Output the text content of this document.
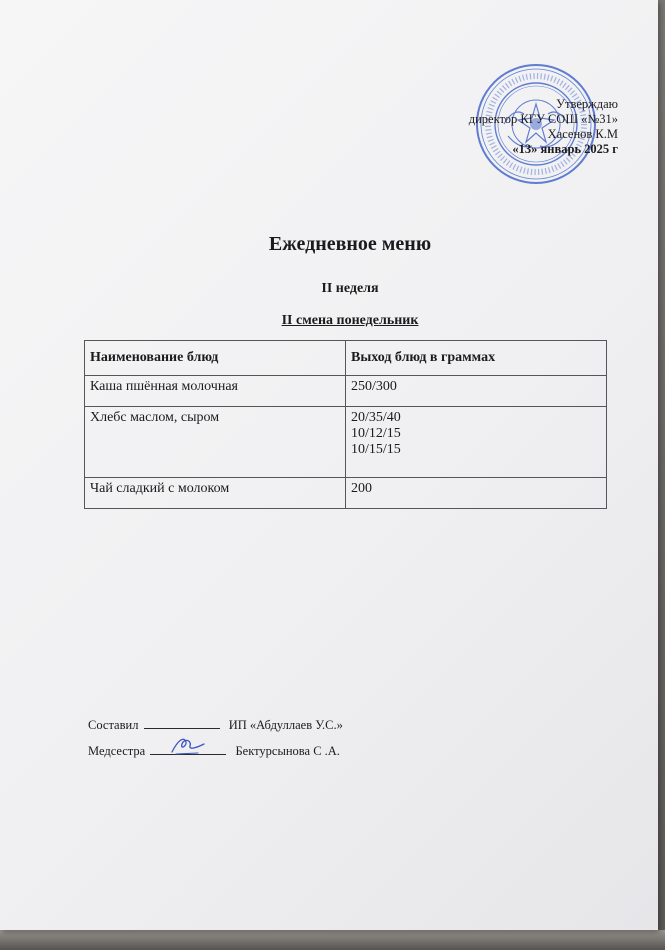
Утверждаю
директор КГУ СОШ «№31»
Хасенов К.М
«13» январь 2025 г
Ежедневное меню
II неделя
II смена понедельник
Наименование блюд	Выход блюд в граммах
Каша пшённая молочная	250/300

Хлебс маслом, сыром	20/35/40
10/12/15
10/15/15

Чай сладкий с молоком	200
Составил	ИП «Абдуллаев У.С.»
Медсестра	Бектурсынова С .А.
